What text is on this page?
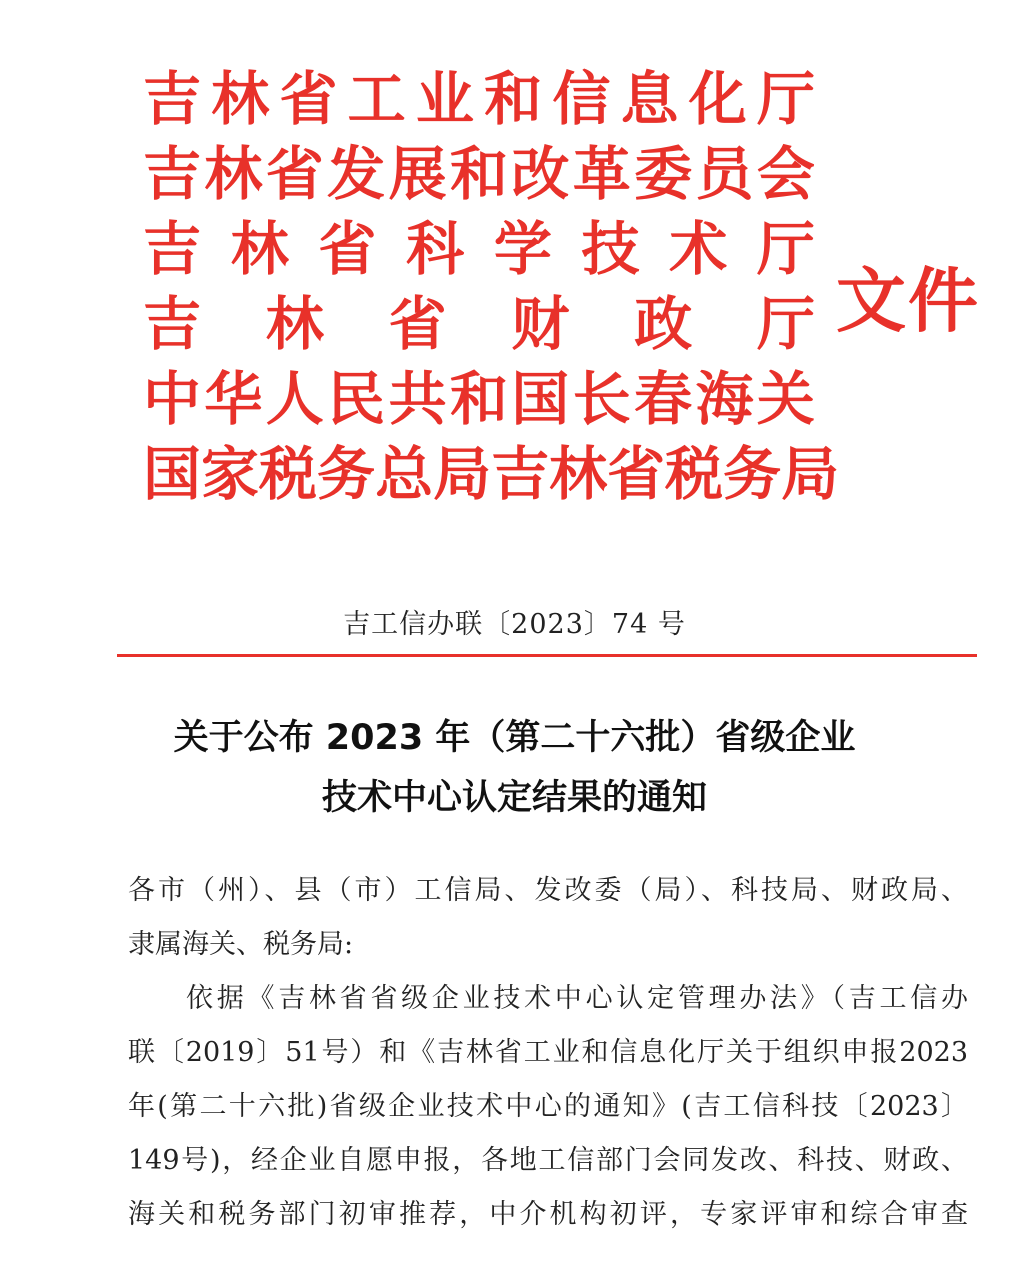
吉 林 省 工 业 和 信 息 化 厅
吉 林 省 发 展 和 改 革 委 员 会
吉 林 省 科 学 技 术 厅
吉 林 省 财 政 厅
中 华 人 民 共 和 国 长 春 海 关
国 家 税 务 总 局 吉 林 省 税 务 局
文件
吉工信办联〔2023〕74 号
关于公布 2023 年（第二十六批）省级企业
技术中心认定结果的通知
各市（州）、县（市）工信局、发改委（局）、科技局、财政局、
隶属海关、税务局:
依据《吉林省省级企业技术中心认定管理办法》（吉工信办
联〔2019〕51号）和《吉林省工业和信息化厅关于组织申报2023
年(第二十六批)省级企业技术中心的通知》(吉工信科技〔2023〕
149号)，经企业自愿申报，各地工信部门会同发改、科技、财政、
海关和税务部门初审推荐，中介机构初评，专家评审和综合审查
